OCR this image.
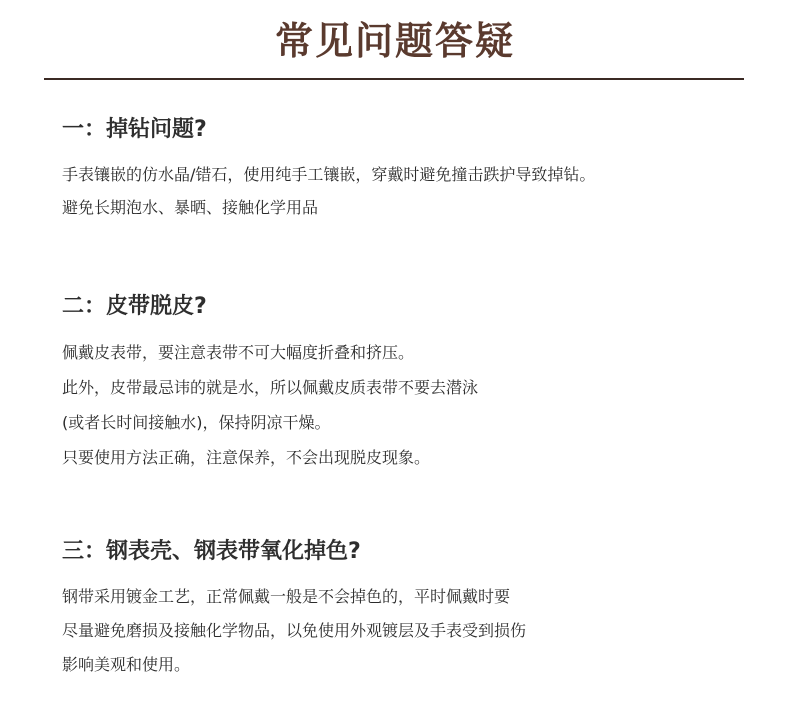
常见问题答疑
一：掉钻问题?
手表镶嵌的仿水晶/错石，使用纯手工镶嵌，穿戴时避免撞击跌护导致掉钻。
避免长期泡水、暴晒、接触化学用品
二：皮带脱皮?
佩戴皮表带，要注意表带不可大幅度折叠和挤压。
此外，皮带最忌讳的就是水，所以佩戴皮质表带不要去潜泳
(或者长时间接触水)，保持阴凉干燥。
只要使用方法正确，注意保养，不会出现脱皮现象。
三：钢表壳、钢表带氧化掉色?
钢带采用镀金工艺，正常佩戴一般是不会掉色的，平时佩戴时要
尽量避免磨损及接触化学物品，以免使用外观镀层及手表受到损伤
影响美观和使用。
